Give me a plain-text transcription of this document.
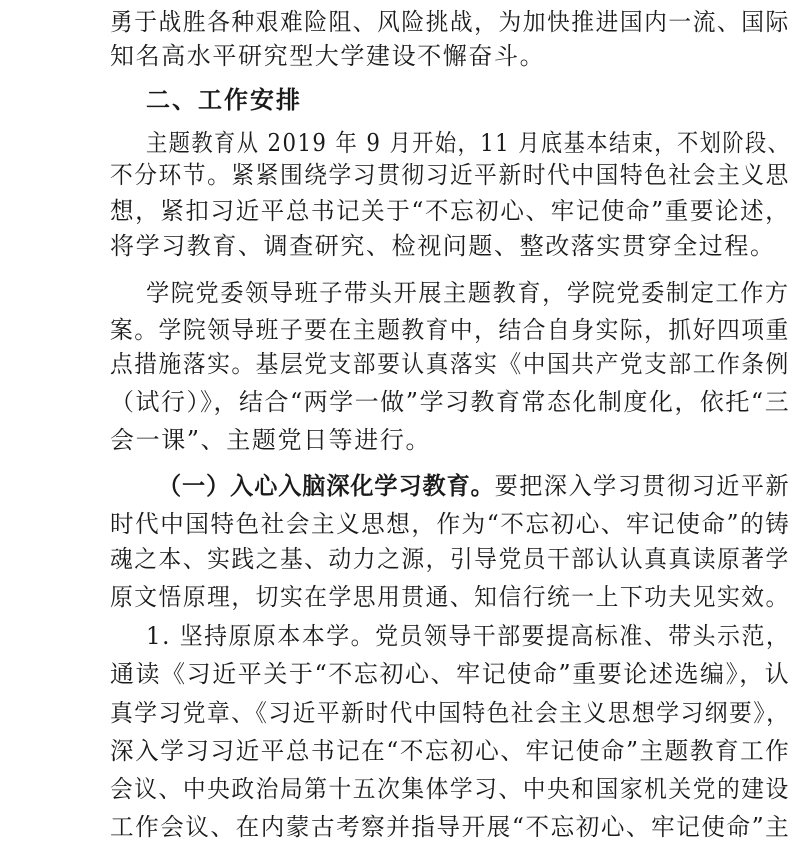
勇于战胜各种艰难险阻、风险挑战，为加快推进国内一流、国际
知名高水平研究型大学建设不懈奋斗。
二、工作安排
主题教育从 2019 年 9 月开始，11 月底基本结束，不划阶段、
不分环节。紧紧围绕学习贯彻习近平新时代中国特色社会主义思
想，紧扣习近平总书记关于“不忘初心、牢记使命”重要论述，
将学习教育、调查研究、检视问题、整改落实贯穿全过程。
学院党委领导班子带头开展主题教育，学院党委制定工作方
案。学院领导班子要在主题教育中，结合自身实际，抓好四项重
点措施落实。基层党支部要认真落实《中国共产党支部工作条例
（试行）》，结合“两学一做”学习教育常态化制度化，依托“三
会一课”、主题党日等进行。
（一）入心入脑深化学习教育。要把深入学习贯彻习近平新
时代中国特色社会主义思想，作为“不忘初心、牢记使命”的铸
魂之本、实践之基、动力之源，引导党员干部认认真真读原著学
原文悟原理，切实在学思用贯通、知信行统一上下功夫见实效。
1. 坚持原原本本学。党员领导干部要提高标准、带头示范，
通读《习近平关于“不忘初心、牢记使命”重要论述选编》，认
真学习党章、《习近平新时代中国特色社会主义思想学习纲要》，
深入学习习近平总书记在“不忘初心、牢记使命”主题教育工作
会议、中央政治局第十五次集体学习、中央和国家机关党的建设
工作会议、在内蒙古考察并指导开展“不忘初心、牢记使命”主
